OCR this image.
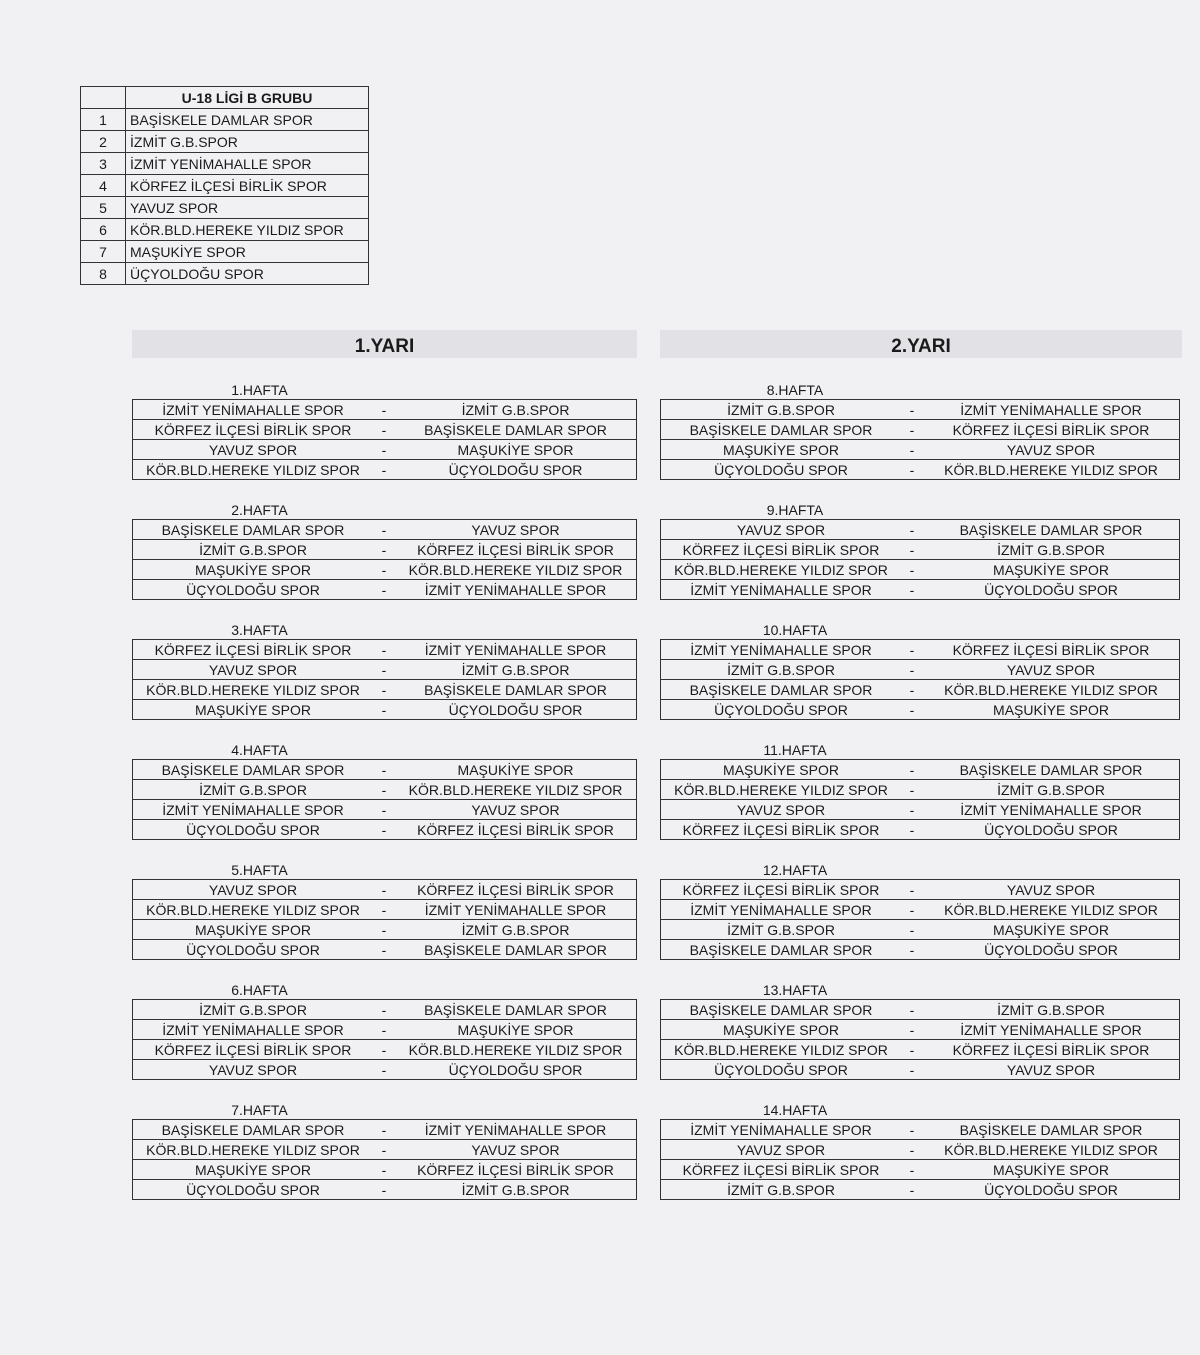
	U-18 LİGİ B GRUBU
1	BAŞİSKELE DAMLAR SPOR
2	İZMİT G.B.SPOR
3	İZMİT YENİMAHALLE SPOR
4	KÖRFEZ İLÇESİ BİRLİK SPOR
5	YAVUZ SPOR
6	KÖR.BLD.HEREKE YILDIZ SPOR
7	MAŞUKİYE SPOR
8	ÜÇYOLDOĞU SPOR
1.YARI	2.YARI
1.HAFTA
İZMİT YENİMAHALLE SPOR	-	İZMİT G.B.SPOR
KÖRFEZ İLÇESİ BİRLİK SPOR	-	BAŞİSKELE DAMLAR SPOR
YAVUZ SPOR	-	MAŞUKİYE SPOR
KÖR.BLD.HEREKE YILDIZ SPOR	-	ÜÇYOLDOĞU SPOR
2.HAFTA
BAŞİSKELE DAMLAR SPOR	-	YAVUZ SPOR
İZMİT G.B.SPOR	-	KÖRFEZ İLÇESİ BİRLİK SPOR
MAŞUKİYE SPOR	-	KÖR.BLD.HEREKE YILDIZ SPOR
ÜÇYOLDOĞU SPOR	-	İZMİT YENİMAHALLE SPOR
3.HAFTA
KÖRFEZ İLÇESİ BİRLİK SPOR	-	İZMİT YENİMAHALLE SPOR
YAVUZ SPOR	-	İZMİT G.B.SPOR
KÖR.BLD.HEREKE YILDIZ SPOR	-	BAŞİSKELE DAMLAR SPOR
MAŞUKİYE SPOR	-	ÜÇYOLDOĞU SPOR
4.HAFTA
BAŞİSKELE DAMLAR SPOR	-	MAŞUKİYE SPOR
İZMİT G.B.SPOR	-	KÖR.BLD.HEREKE YILDIZ SPOR
İZMİT YENİMAHALLE SPOR	-	YAVUZ SPOR
ÜÇYOLDOĞU SPOR	-	KÖRFEZ İLÇESİ BİRLİK SPOR
5.HAFTA
YAVUZ SPOR	-	KÖRFEZ İLÇESİ BİRLİK SPOR
KÖR.BLD.HEREKE YILDIZ SPOR	-	İZMİT YENİMAHALLE SPOR
MAŞUKİYE SPOR	-	İZMİT G.B.SPOR
ÜÇYOLDOĞU SPOR	-	BAŞİSKELE DAMLAR SPOR
6.HAFTA
İZMİT G.B.SPOR	-	BAŞİSKELE DAMLAR SPOR
İZMİT YENİMAHALLE SPOR	-	MAŞUKİYE SPOR
KÖRFEZ İLÇESİ BİRLİK SPOR	-	KÖR.BLD.HEREKE YILDIZ SPOR
YAVUZ SPOR	-	ÜÇYOLDOĞU SPOR
7.HAFTA
BAŞİSKELE DAMLAR SPOR	-	İZMİT YENİMAHALLE SPOR
KÖR.BLD.HEREKE YILDIZ SPOR	-	YAVUZ SPOR
MAŞUKİYE SPOR	-	KÖRFEZ İLÇESİ BİRLİK SPOR
ÜÇYOLDOĞU SPOR	-	İZMİT G.B.SPOR
8.HAFTA
İZMİT G.B.SPOR	-	İZMİT YENİMAHALLE SPOR
BAŞİSKELE DAMLAR SPOR	-	KÖRFEZ İLÇESİ BİRLİK SPOR
MAŞUKİYE SPOR	-	YAVUZ SPOR
ÜÇYOLDOĞU SPOR	-	KÖR.BLD.HEREKE YILDIZ SPOR
9.HAFTA
YAVUZ SPOR	-	BAŞİSKELE DAMLAR SPOR
KÖRFEZ İLÇESİ BİRLİK SPOR	-	İZMİT G.B.SPOR
KÖR.BLD.HEREKE YILDIZ SPOR	-	MAŞUKİYE SPOR
İZMİT YENİMAHALLE SPOR	-	ÜÇYOLDOĞU SPOR
10.HAFTA
İZMİT YENİMAHALLE SPOR	-	KÖRFEZ İLÇESİ BİRLİK SPOR
İZMİT G.B.SPOR	-	YAVUZ SPOR
BAŞİSKELE DAMLAR SPOR	-	KÖR.BLD.HEREKE YILDIZ SPOR
ÜÇYOLDOĞU SPOR	-	MAŞUKİYE SPOR
11.HAFTA
MAŞUKİYE SPOR	-	BAŞİSKELE DAMLAR SPOR
KÖR.BLD.HEREKE YILDIZ SPOR	-	İZMİT G.B.SPOR
YAVUZ SPOR	-	İZMİT YENİMAHALLE SPOR
KÖRFEZ İLÇESİ BİRLİK SPOR	-	ÜÇYOLDOĞU SPOR
12.HAFTA
KÖRFEZ İLÇESİ BİRLİK SPOR	-	YAVUZ SPOR
İZMİT YENİMAHALLE SPOR	-	KÖR.BLD.HEREKE YILDIZ SPOR
İZMİT G.B.SPOR	-	MAŞUKİYE SPOR
BAŞİSKELE DAMLAR SPOR	-	ÜÇYOLDOĞU SPOR
13.HAFTA
BAŞİSKELE DAMLAR SPOR	-	İZMİT G.B.SPOR
MAŞUKİYE SPOR	-	İZMİT YENİMAHALLE SPOR
KÖR.BLD.HEREKE YILDIZ SPOR	-	KÖRFEZ İLÇESİ BİRLİK SPOR
ÜÇYOLDOĞU SPOR	-	YAVUZ SPOR
14.HAFTA
İZMİT YENİMAHALLE SPOR	-	BAŞİSKELE DAMLAR SPOR
YAVUZ SPOR	-	KÖR.BLD.HEREKE YILDIZ SPOR
KÖRFEZ İLÇESİ BİRLİK SPOR	-	MAŞUKİYE SPOR
İZMİT G.B.SPOR	-	ÜÇYOLDOĞU SPOR
